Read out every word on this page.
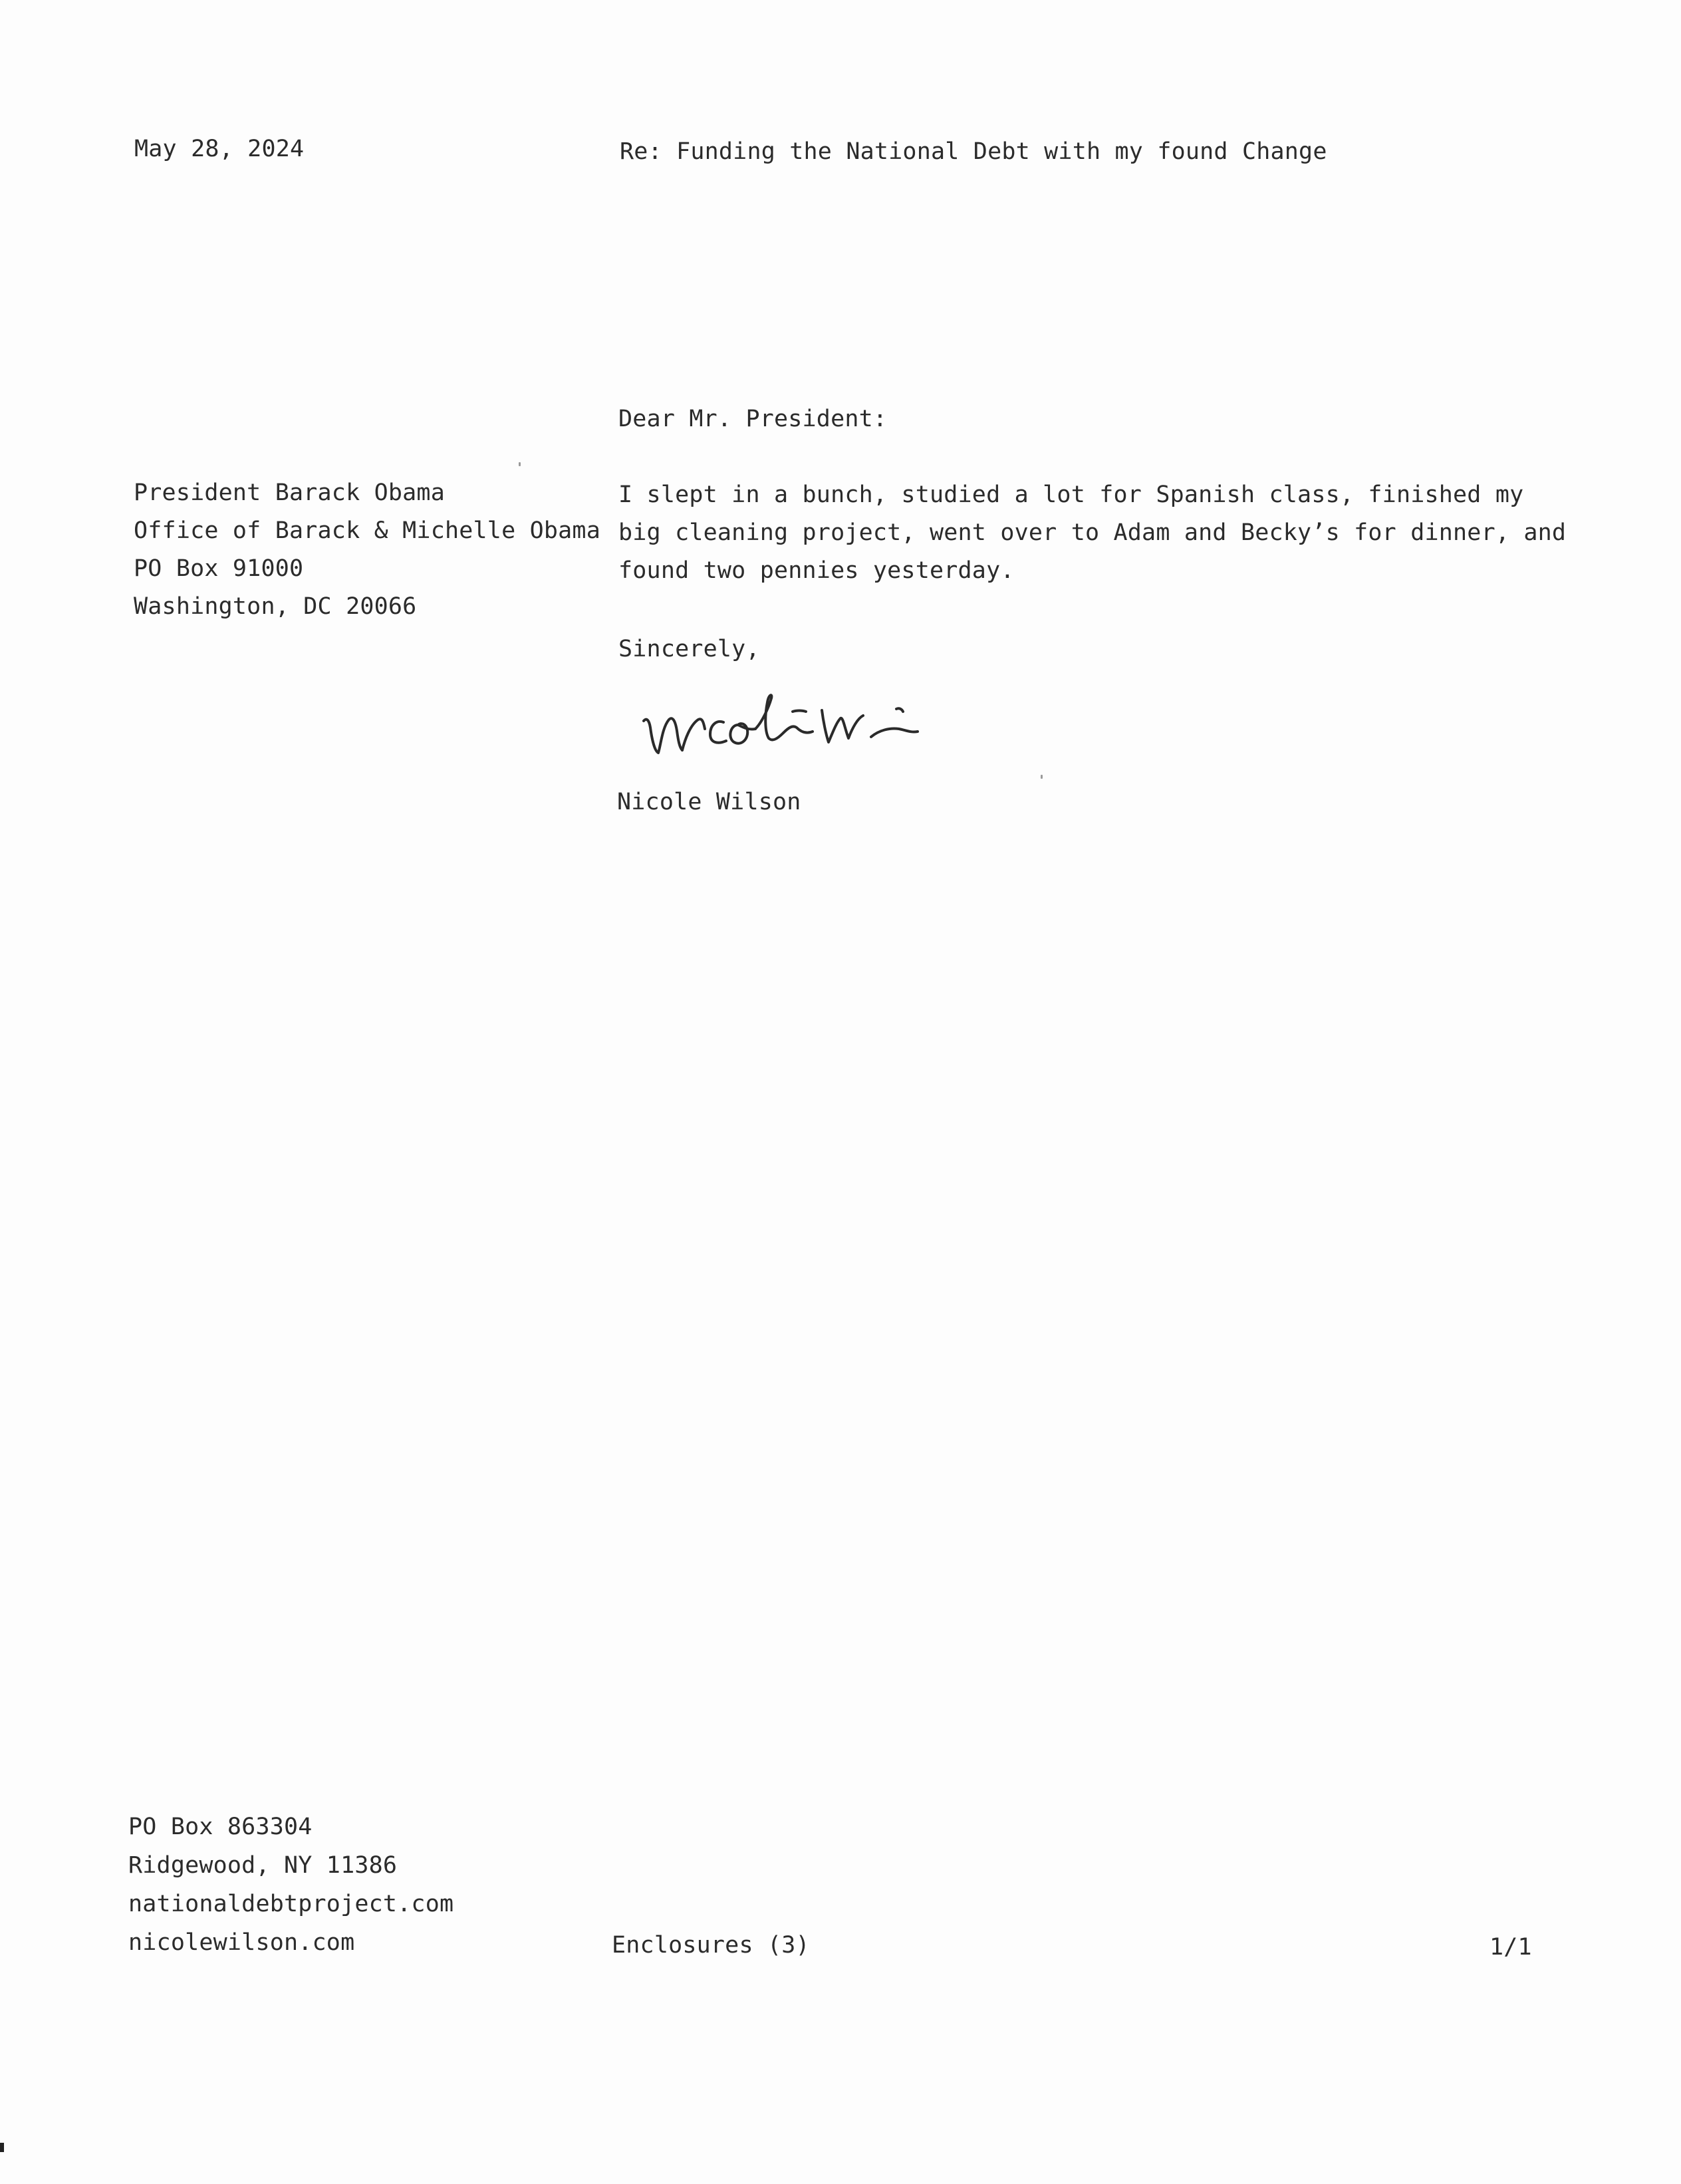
May 28, 2024	Re: Funding the National Debt with my found Change
Dear Mr. President:
President Barack Obama
Office of Barack & Michelle Obama
PO Box 91000
Washington, DC 20066
I slept in a bunch, studied a lot for Spanish class, finished my
big cleaning project, went over to Adam and Becky’s for dinner, and
found two pennies yesterday.
Sincerely,
Nicole Wilson
PO Box 863304
Ridgewood, NY 11386
nationaldebtproject.com
nicolewilson.com	Enclosures (3)	1/1
